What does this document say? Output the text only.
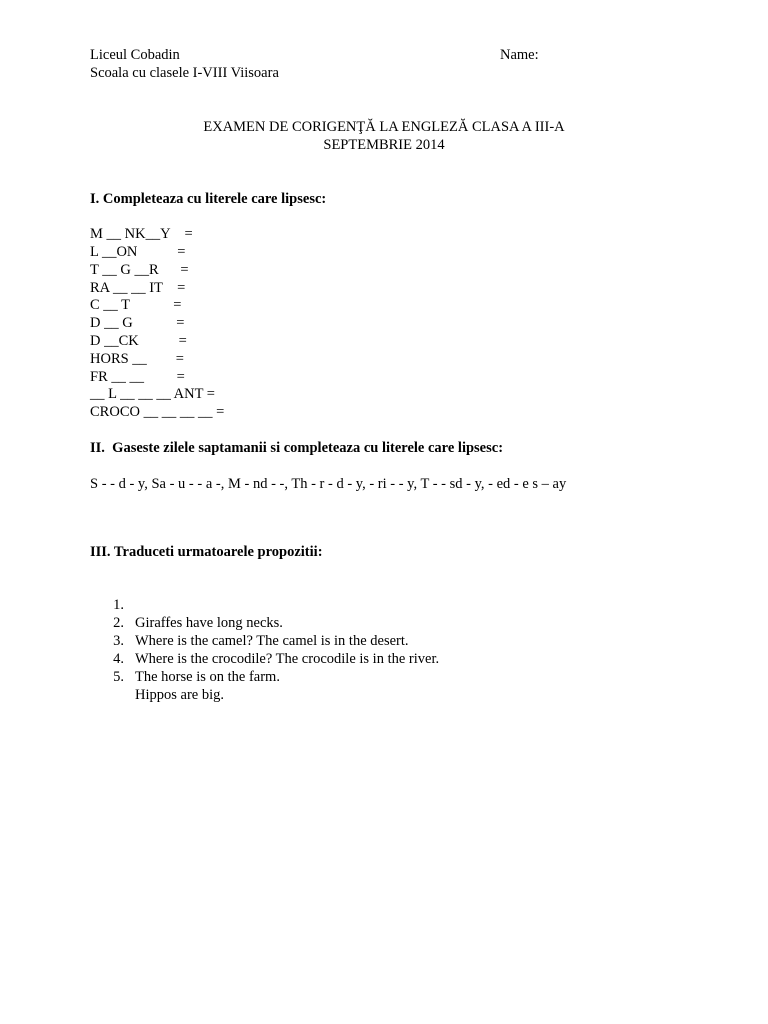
Liceul Cobadin
Scoala cu clasele I-VIII Viisoara
Name:
EXAMEN DE CORIGENŢĂ LA ENGLEZĂ CLASA A III-A
SEPTEMBRIE 2014
I. Completeaza cu literele care lipsesc:
M __ NK__Y    =
L __ON           =
T __ G __R      =
RA __ __ IT    =
C __ T            =
D __ G            =
D __CK           =
HORS __        =
FR __ __         =
__ L __ __ __ ANT =
CROCO __ __ __ __ =
II.  Gaseste zilele saptamanii si completeaza cu literele care lipsesc:
S - - d - y, Sa - u - - a -, M - nd - -, Th - r - d - y, - ri - - y, T - - sd - y, - ed - e s – ay
III. Traduceti urmatoarele propozitii:

1.

Giraffes have long necks.

2.

Where is the camel? The camel is in the desert.

3.

Where is the crocodile? The crocodile is in the river.

4.

The horse is on the farm.

5.

Hippos are big.
